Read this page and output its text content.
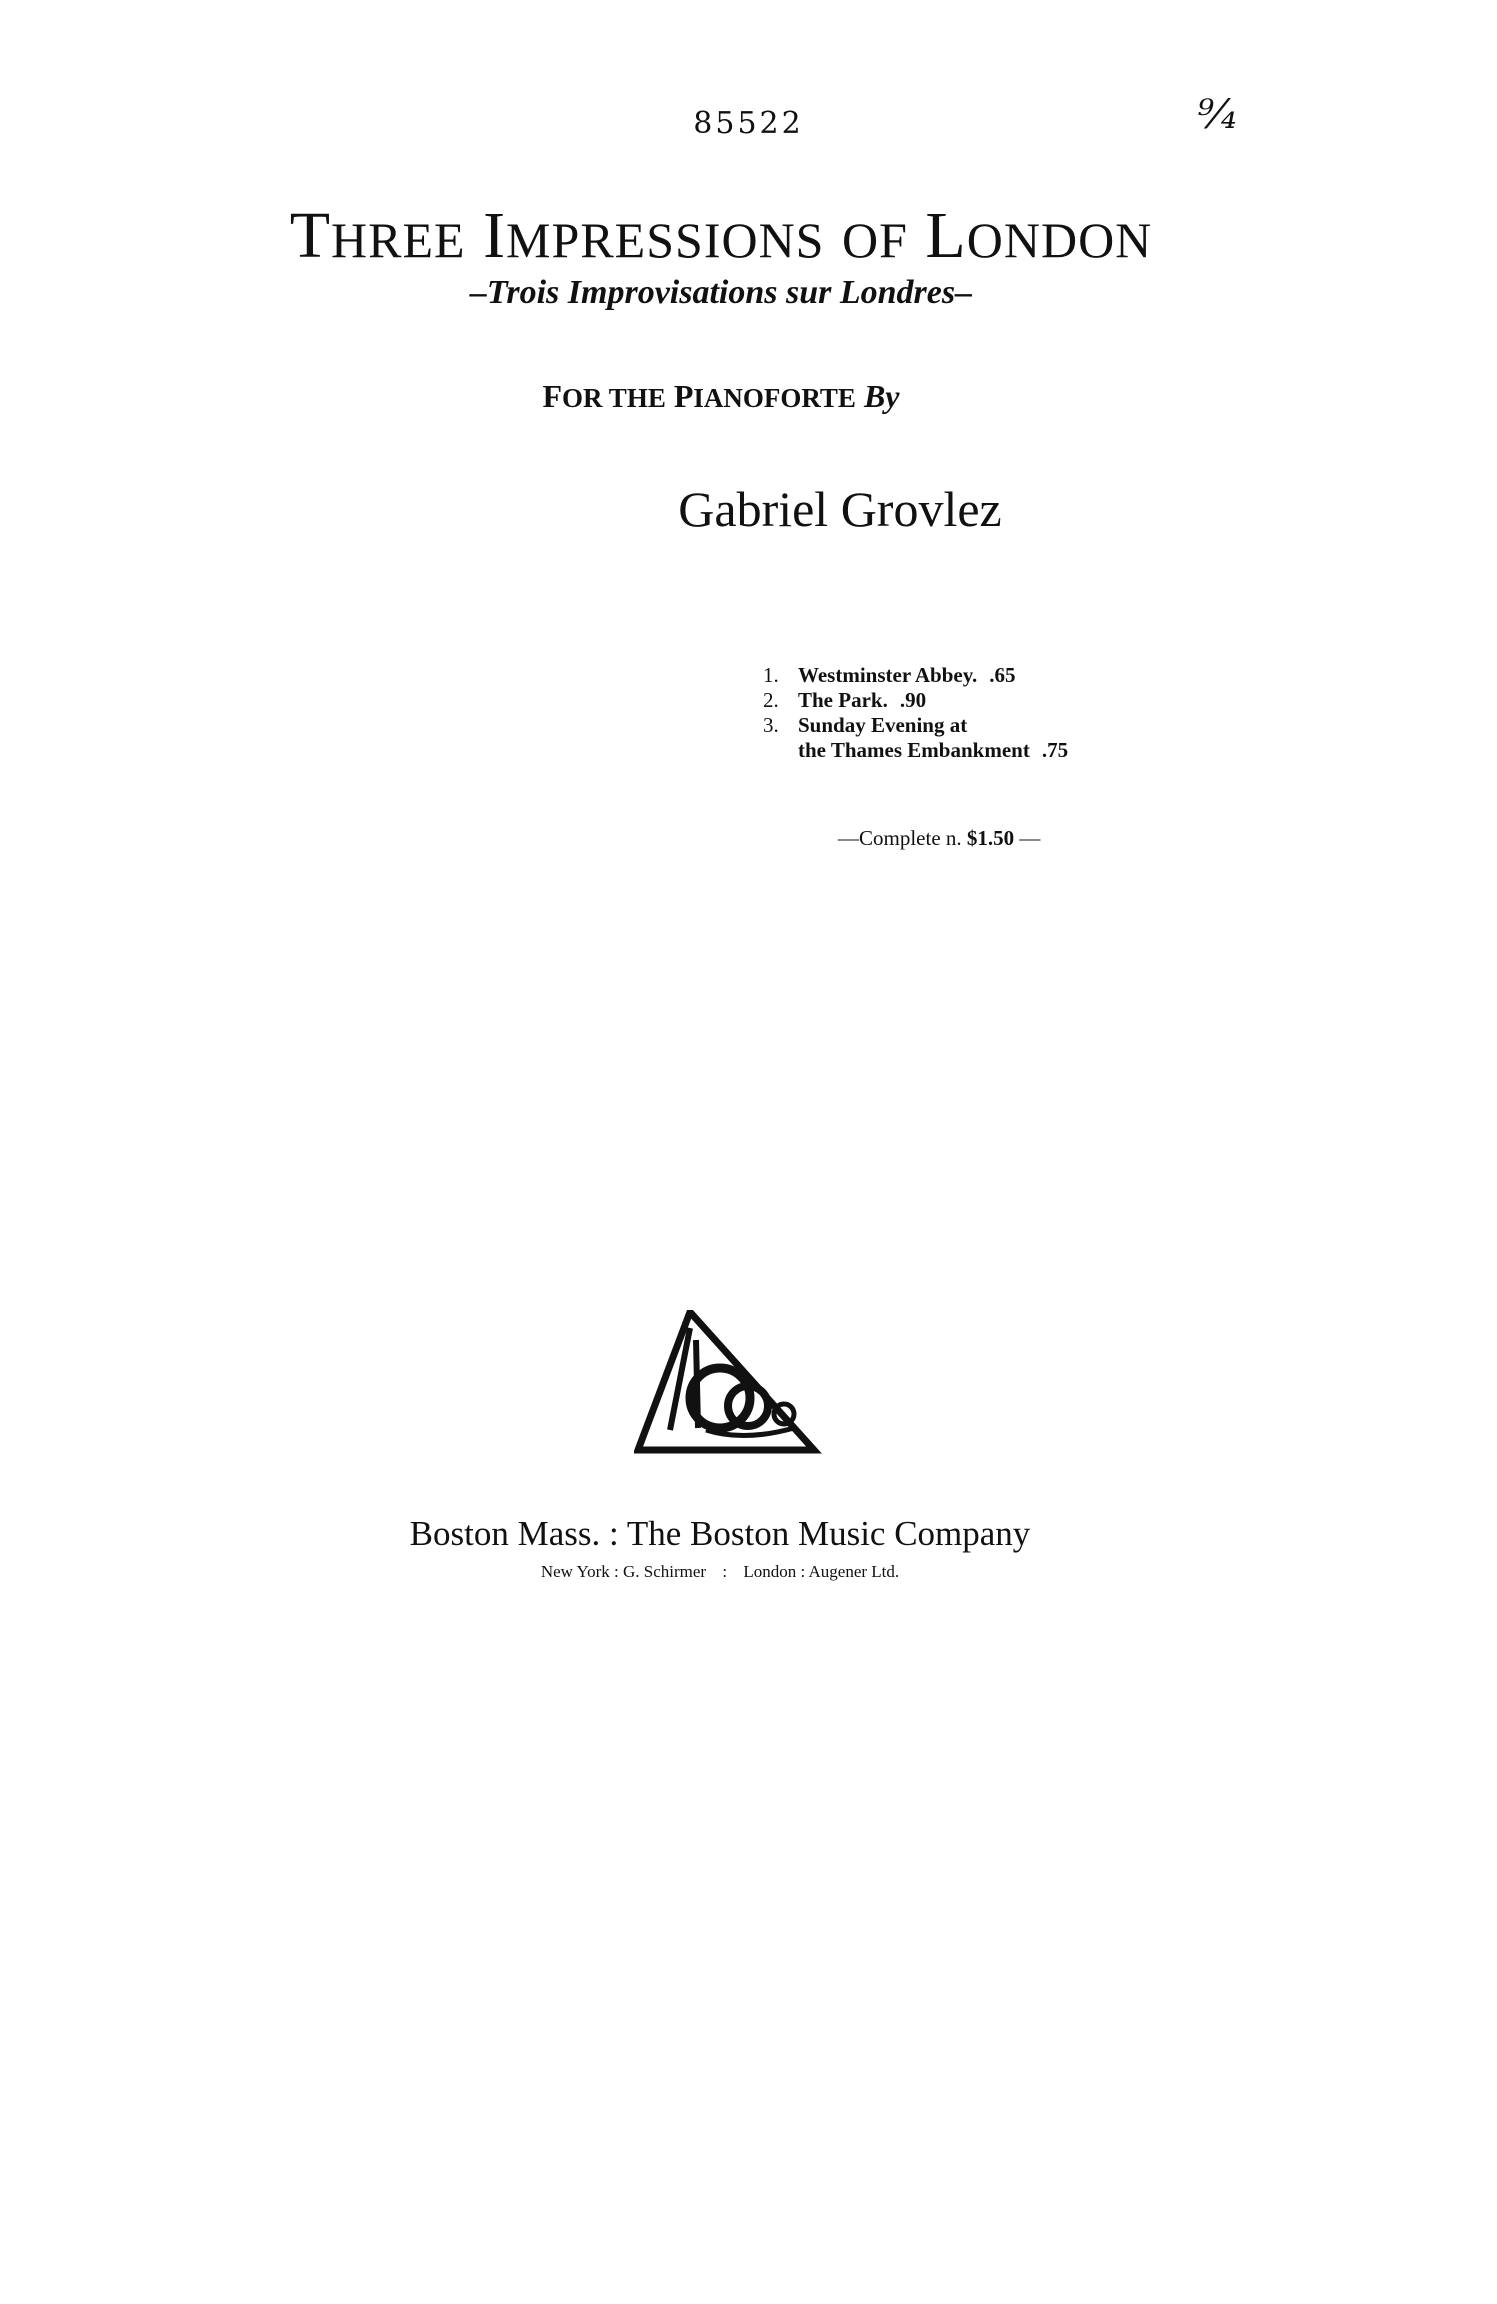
85522	⁹⁄₄
THREE IMPRESSIONS OF LONDON
–Trois Improvisations sur Londres–
FOR THE PIANOFORTE By
Gabriel Grovlez
1. Westminster Abbey. .65
2. The Park. .90
3. Sunday Evening at
the Thames Embankment .75
—Complete n. $1.50 —
Boston Mass. : The Boston Music Company
New York : G. Schirmer : London : Augener Ltd.
